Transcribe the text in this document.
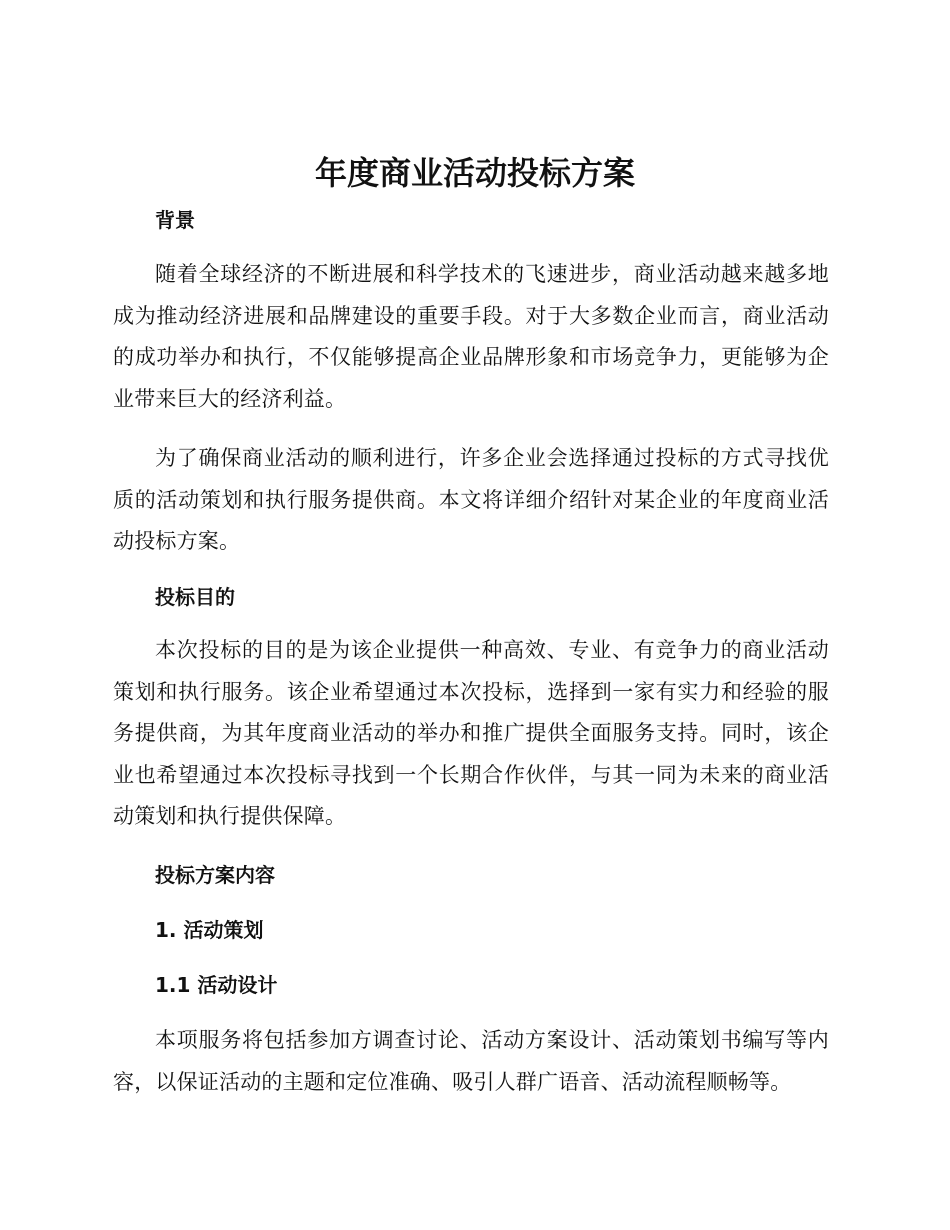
年度商业活动投标方案
背景

随着全球经济的不断进展和科学技术的飞速进步，商业活动越来越多地成为推动经济进展和品牌建设的重要手段。对于大多数企业而言，商业活动的成功举办和执行，不仅能够提高企业品牌形象和市场竞争力，更能够为企业带来巨大的经济利益。

为了确保商业活动的顺利进行，许多企业会选择通过投标的方式寻找优质的活动策划和执行服务提供商。本文将详细介绍针对某企业的年度商业活动投标方案。

投标目的

本次投标的目的是为该企业提供一种高效、专业、有竞争力的商业活动策划和执行服务。该企业希望通过本次投标，选择到一家有实力和经验的服务提供商，为其年度商业活动的举办和推广提供全面服务支持。同时，该企业也希望通过本次投标寻找到一个长期合作伙伴，与其一同为未来的商业活动策划和执行提供保障。

投标方案内容
1. 活动策划
1.1 活动设计

本项服务将包括参加方调查讨论、活动方案设计、活动策划书编写等内容，以保证活动的主题和定位准确、吸引人群广语音、活动流程顺畅等。
